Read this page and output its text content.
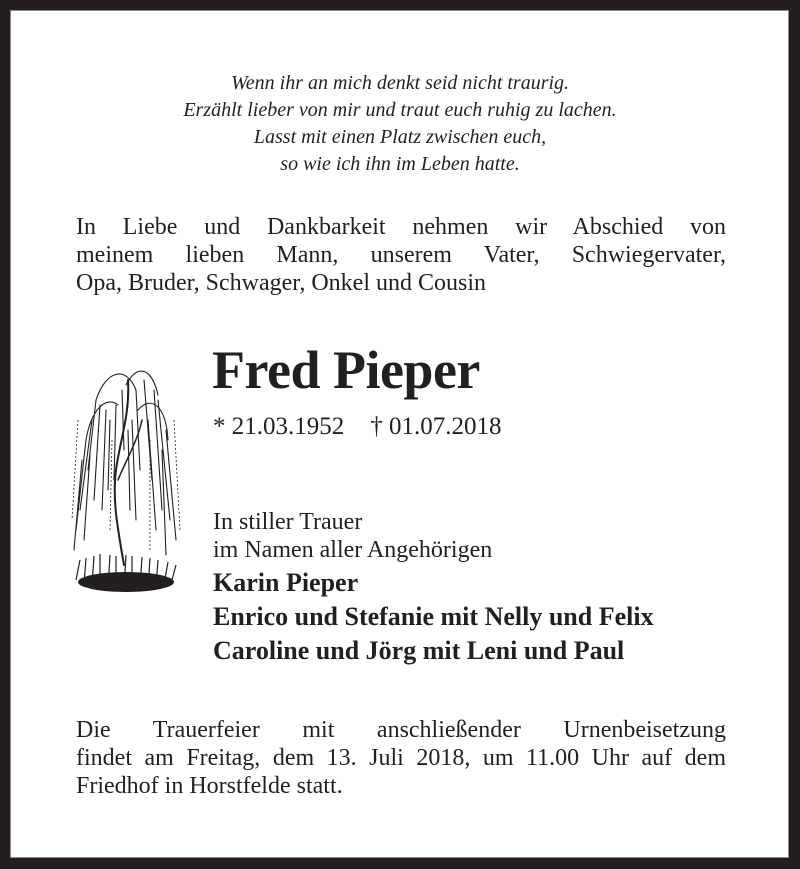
Wenn ihr an mich denkt seid nicht traurig.
Erzählt lieber von mir und traut euch ruhig zu lachen.
Lasst mit einen Platz zwischen euch,
so wie ich ihn im Leben hatte.
In Liebe und Dankbarkeit nehmen wir Abschied von
meinem lieben Mann, unserem Vater, Schwiegervater,
Opa, Bruder, Schwager, Onkel und Cousin
Fred Pieper
* 21.03.1952 † 01.07.2018
In stiller Trauer
im Namen aller Angehörigen
Karin Pieper
Enrico und Stefanie mit Nelly und Felix
Caroline und Jörg mit Leni und Paul
Die Trauerfeier mit anschließender Urnenbeisetzung
findet am Freitag, dem 13. Juli 2018, um 11.00 Uhr auf dem
Friedhof in Horstfelde statt.
